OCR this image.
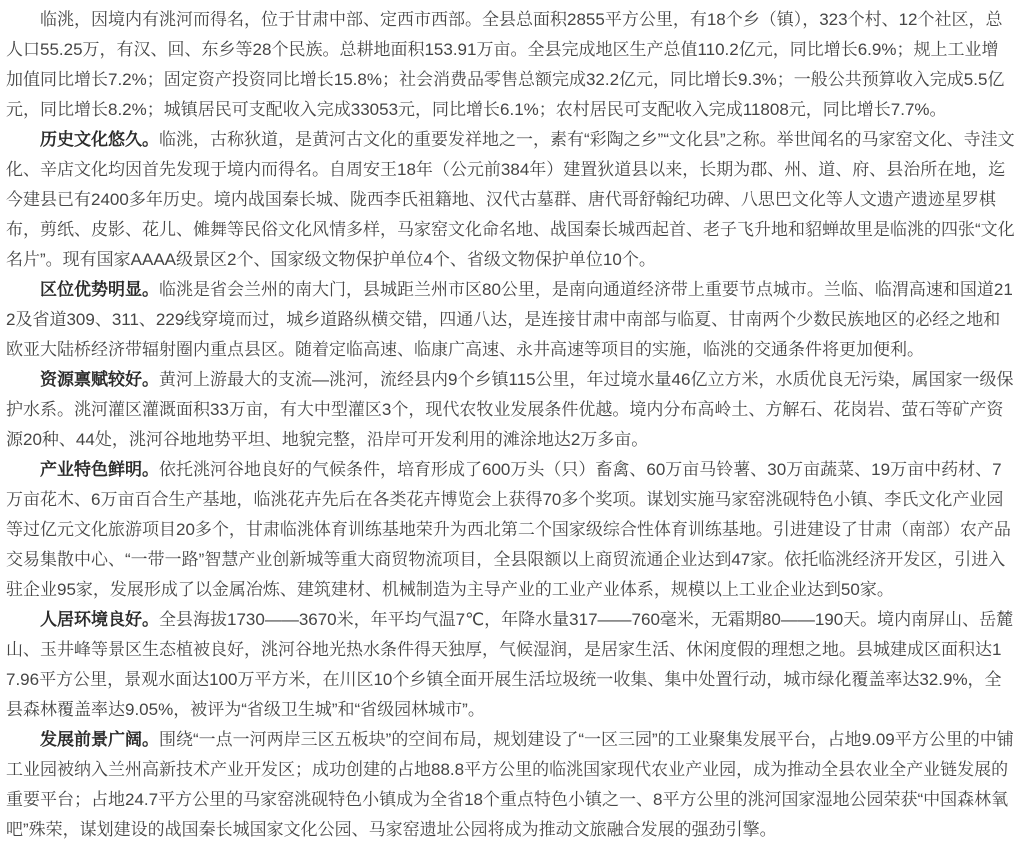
临洮，因境内有洮河而得名，位于甘肃中部、定西市西部。全县总面积2855平方公里，有18个乡（镇），323个村、12个社区，总人口55.25万，有汉、回、东乡等28个民族。总耕地面积153.91万亩。全县完成地区生产总值110.2亿元，同比增长6.9%；规上工业增加值同比增长7.2%；固定资产投资同比增长15.8%；社会消费品零售总额完成32.2亿元，同比增长9.3%；一般公共预算收入完成5.5亿元，同比增长8.2%；城镇居民可支配收入完成33053元，同比增长6.1%；农村居民可支配收入完成11808元，同比增长7.7%。

历史文化悠久。临洮，古称狄道，是黄河古文化的重要发祥地之一，素有“彩陶之乡”“文化县”之称。举世闻名的马家窑文化、寺洼文化、辛店文化均因首先发现于境内而得名。自周安王18年（公元前384年）建置狄道县以来，长期为郡、州、道、府、县治所在地，迄今建县已有2400多年历史。境内战国秦长城、陇西李氏祖籍地、汉代古墓群、唐代哥舒翰纪功碑、八思巴文化等人文遗产遗迹星罗棋布，剪纸、皮影、花儿、傩舞等民俗文化风情多样，马家窑文化命名地、战国秦长城西起首、老子飞升地和貂蝉故里是临洮的四张“文化名片”。现有国家AAAA级景区2个、国家级文物保护单位4个、省级文物保护单位10个。

区位优势明显。临洮是省会兰州的南大门，县城距兰州市区80公里，是南向通道经济带上重要节点城市。兰临、临渭高速和国道212及省道309、311、229线穿境而过，城乡道路纵横交错，四通八达，是连接甘肃中南部与临夏、甘南两个少数民族地区的必经之地和欧亚大陆桥经济带辐射圈内重点县区。随着定临高速、临康广高速、永井高速等项目的实施，临洮的交通条件将更加便利。

资源禀赋较好。黄河上游最大的支流—洮河，流经县内9个乡镇115公里，年过境水量46亿立方米，水质优良无污染，属国家一级保护水系。洮河灌区灌溉面积33万亩，有大中型灌区3个，现代农牧业发展条件优越。境内分布高岭土、方解石、花岗岩、萤石等矿产资源20种、44处，洮河谷地地势平坦、地貌完整，沿岸可开发利用的滩涂地达2万多亩。

产业特色鲜明。依托洮河谷地良好的气候条件，培育形成了600万头（只）畜禽、60万亩马铃薯、30万亩蔬菜、19万亩中药材、7万亩花木、6万亩百合生产基地，临洮花卉先后在各类花卉博览会上获得70多个奖项。谋划实施马家窑洮砚特色小镇、李氏文化产业园等过亿元文化旅游项目20多个，甘肃临洮体育训练基地荣升为西北第二个国家级综合性体育训练基地。引进建设了甘肃（南部）农产品交易集散中心、“一带一路”智慧产业创新城等重大商贸物流项目，全县限额以上商贸流通企业达到47家。依托临洮经济开发区，引进入驻企业95家，发展形成了以金属冶炼、建筑建材、机械制造为主导产业的工业产业体系，规模以上工业企业达到50家。

人居环境良好。全县海拔1730——3670米，年平均气温7℃，年降水量317——760毫米，无霜期80——190天。境内南屏山、岳麓山、玉井峰等景区生态植被良好，洮河谷地光热水条件得天独厚，气候湿润，是居家生活、休闲度假的理想之地。县城建成区面积达17.96平方公里，景观水面达100万平方米，在川区10个乡镇全面开展生活垃圾统一收集、集中处置行动，城市绿化覆盖率达32.9%，全县森林覆盖率达9.05%，被评为“省级卫生城”和“省级园林城市”。

发展前景广阔。围绕“一点一河两岸三区五板块”的空间布局，规划建设了“一区三园”的工业聚集发展平台，占地9.09平方公里的中铺工业园被纳入兰州高新技术产业开发区；成功创建的占地88.8平方公里的临洮国家现代农业产业园，成为推动全县农业全产业链发展的重要平台；占地24.7平方公里的马家窑洮砚特色小镇成为全省18个重点特色小镇之一、8平方公里的洮河国家湿地公园荣获“中国森林氧吧”殊荣，谋划建设的战国秦长城国家文化公园、马家窑遗址公园将成为推动文旅融合发展的强劲引擎。
